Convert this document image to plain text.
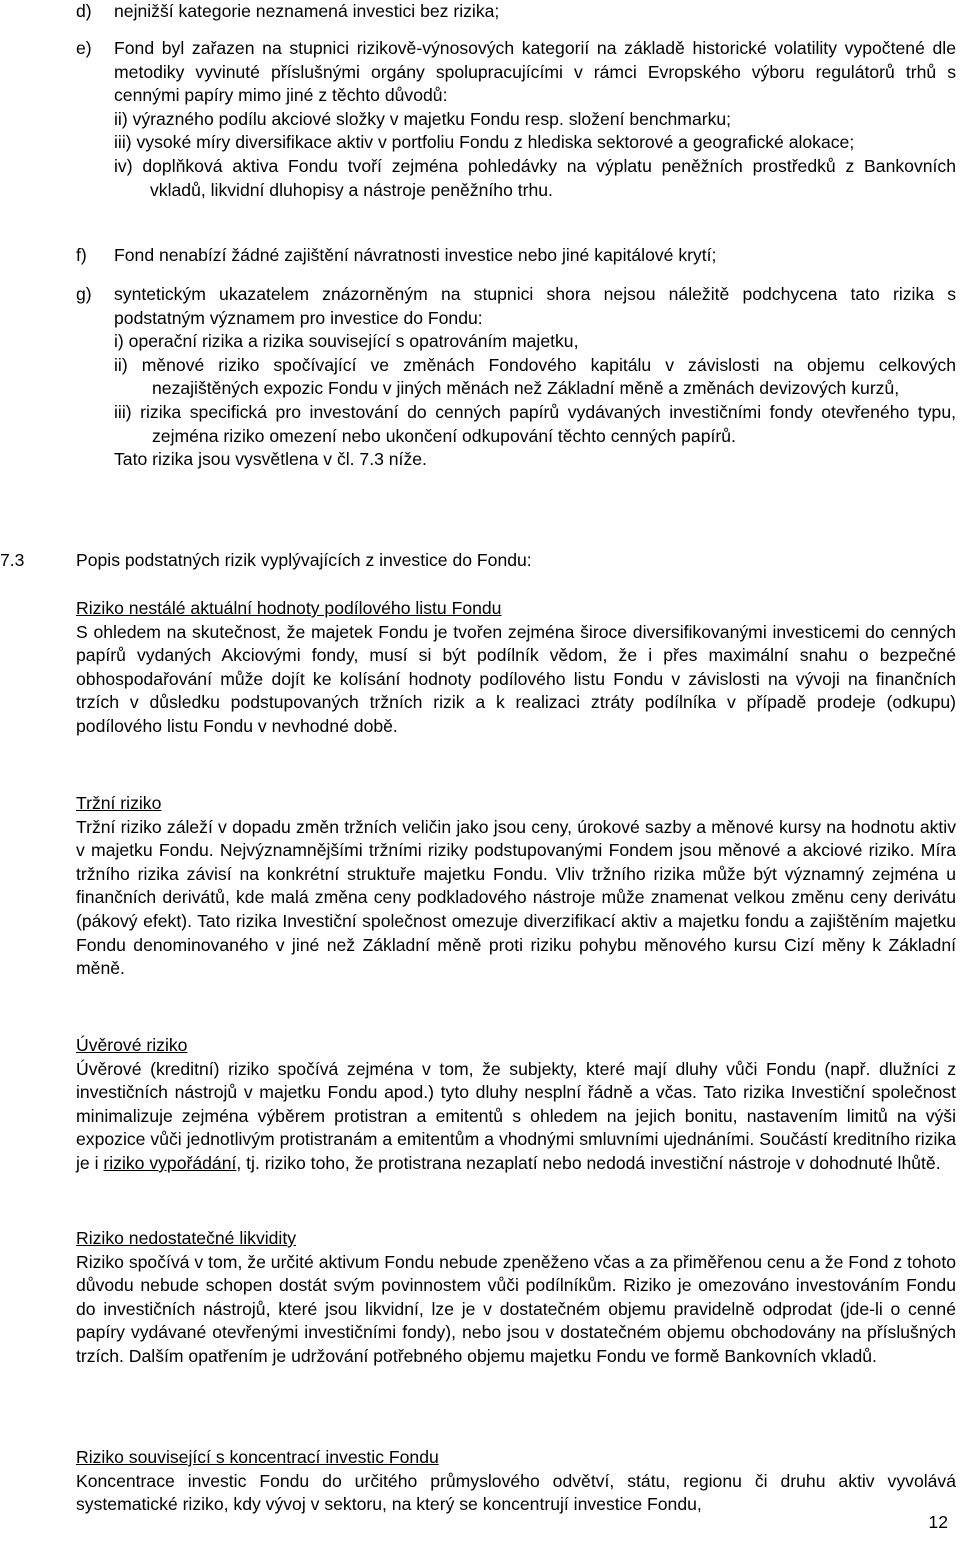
d) nejnižší kategorie neznamená investici bez rizika;
e) Fond byl zařazen na stupnici rizikově-výnosových kategorií na základě historické volatility vypočtené dle metodiky vyvinuté příslušnými orgány spolupracujícími v rámci Evropského výboru regulátorů trhů s cennými papíry mimo jiné z těchto důvodů:
ii) výrazného podílu akciové složky v majetku Fondu resp. složení benchmarku;
iii) vysoké míry diversifikace aktiv v portfoliu Fondu z hlediska sektorové a geografické alokace;
iv) doplňková aktiva Fondu tvoří zejména pohledávky na výplatu peněžních prostředků z Bankovních vkladů, likvidní dluhopisy a nástroje peněžního trhu.
f) Fond nenabízí žádné zajištění návratnosti investice nebo jiné kapitálové krytí;
g) syntetickým ukazatelem znázorněným na stupnici shora nejsou náležitě podchycena tato rizika s podstatným významem pro investice do Fondu:
i) operační rizika a rizika související s opatrováním majetku,
ii) měnové riziko spočívající ve změnách Fondového kapitálu v závislosti na objemu celkových nezajištěných expozic Fondu v jiných měnách než Základní měně a změnách devizových kurzů,
iii) rizika specifická pro investování do cenných papírů vydávaných investičními fondy otevřeného typu, zejména riziko omezení nebo ukončení odkupování těchto cenných papírů.
Tato rizika jsou vysvětlena v čl. 7.3 níže.
7.3	Popis podstatných rizik vyplývajících z investice do Fondu:
Riziko nestálé aktuální hodnoty podílového listu Fondu
S ohledem na skutečnost, že majetek Fondu je tvořen zejména široce diversifikovanými investicemi do cenných papírů vydaných Akciovými fondy, musí si být podílník vědom, že i přes maximální snahu o bezpečné obhospodařování může dojít ke kolísání hodnoty podílového listu Fondu v závislosti na vývoji na finančních trzích v důsledku podstupovaných tržních rizik a k realizaci ztráty podílníka v případě prodeje (odkupu) podílového listu Fondu v nevhodné době.
Tržní riziko
Tržní riziko záleží v dopadu změn tržních veličin jako jsou ceny, úrokové sazby a měnové kursy na hodnotu aktiv v majetku Fondu. Nejvýznamnějšími tržními riziky podstupovanými Fondem jsou měnové a akciové riziko. Míra tržního rizika závisí na konkrétní struktuře majetku Fondu. Vliv tržního rizika může být významný zejména u finančních derivátů, kde malá změna ceny podkladového nástroje může znamenat velkou změnu ceny derivátu (pákový efekt). Tato rizika Investiční společnost omezuje diverzifikací aktiv a majetku fondu a zajištěním majetku Fondu denominovaného v jiné než Základní měně proti riziku pohybu měnového kursu Cizí měny k Základní měně.
Úvěrové riziko
Úvěrové (kreditní) riziko spočívá zejména v tom, že subjekty, které mají dluhy vůči Fondu (např. dlužníci z investičních nástrojů v majetku Fondu apod.) tyto dluhy nesplní řádně a včas. Tato rizika Investiční společnost minimalizuje zejména výběrem protistran a emitentů s ohledem na jejich bonitu, nastavením limitů na výši expozice vůči jednotlivým protistranám a emitentům a vhodnými smluvními ujednáními. Součástí kreditního rizika je i riziko vypořádání, tj. riziko toho, že protistrana nezaplatí nebo nedodá investiční nástroje v dohodnuté lhůtě.
Riziko nedostatečné likvidity
Riziko spočívá v tom, že určité aktivum Fondu nebude zpeněženo včas a za přiměřenou cenu a že Fond z tohoto důvodu nebude schopen dostát svým povinnostem vůči podílníkům. Riziko je omezováno investováním Fondu do investičních nástrojů, které jsou likvidní, lze je v dostatečném objemu pravidelně odprodat (jde-li o cenné papíry vydávané otevřenými investičními fondy), nebo jsou v dostatečném objemu obchodovány na příslušných trzích. Dalším opatřením je udržování potřebného objemu majetku Fondu ve formě Bankovních vkladů.
Riziko související s koncentrací investic Fondu
Koncentrace investic Fondu do určitého průmyslového odvětví, státu, regionu či druhu aktiv vyvolává systematické riziko, kdy vývoj v sektoru, na který se koncentrují investice Fondu,
12
